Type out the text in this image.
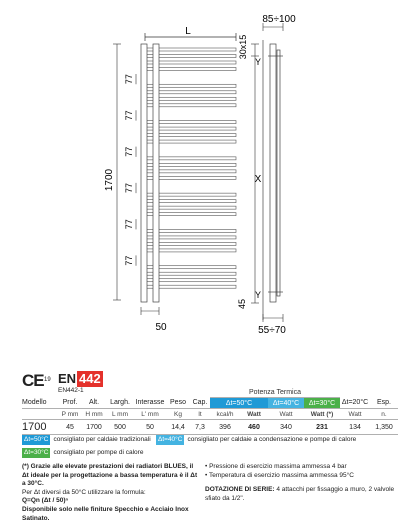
L
1700
77
77
77
77
77
77
50
85÷100
30x15
Y
X
Y
45
55÷70
CE 19 EN 442
EN442-1
							Potenza Termica					
Modello	Prof.	Alt.	Largh.	Interasse	Peso	Cap.	Δt=50°C		Δt=40°C	Δt=30°C	Δt=20°C	Esp.
	P mm	H mm	L mm	L' mm	Kg	lt	kcal/h	Watt	Watt	Watt (*)	Watt	n.
1700	45	1700	500	50	14,4	7,3	396	460	340	231	134	1,350
Δt=50°C consigliato per caldaie tradizionali	Δt=40°C consigliato per caldaie a condensazione e pompe di calore
Δt=30°C consigliato per pompe di calore

(*) Grazie alle elevate prestazioni dei radiatori BLUES, il Δt ideale per la progettazione a bassa temperatura è il Δt a 30°C.

Per Δt diversi da 50°C utilizzare la formula:

Q=Qn (Δt / 50)ⁿ

Disponibile solo nelle finiture Specchio e Acciaio Inox Satinato.

• Pressione di esercizio massima ammessa 4 bar

• Temperatura di esercizio massima ammessa 95°C

DOTAZIONE DI SERIE: 4 attacchi per fissaggio a muro, 2 valvole sfiato da 1/2".
